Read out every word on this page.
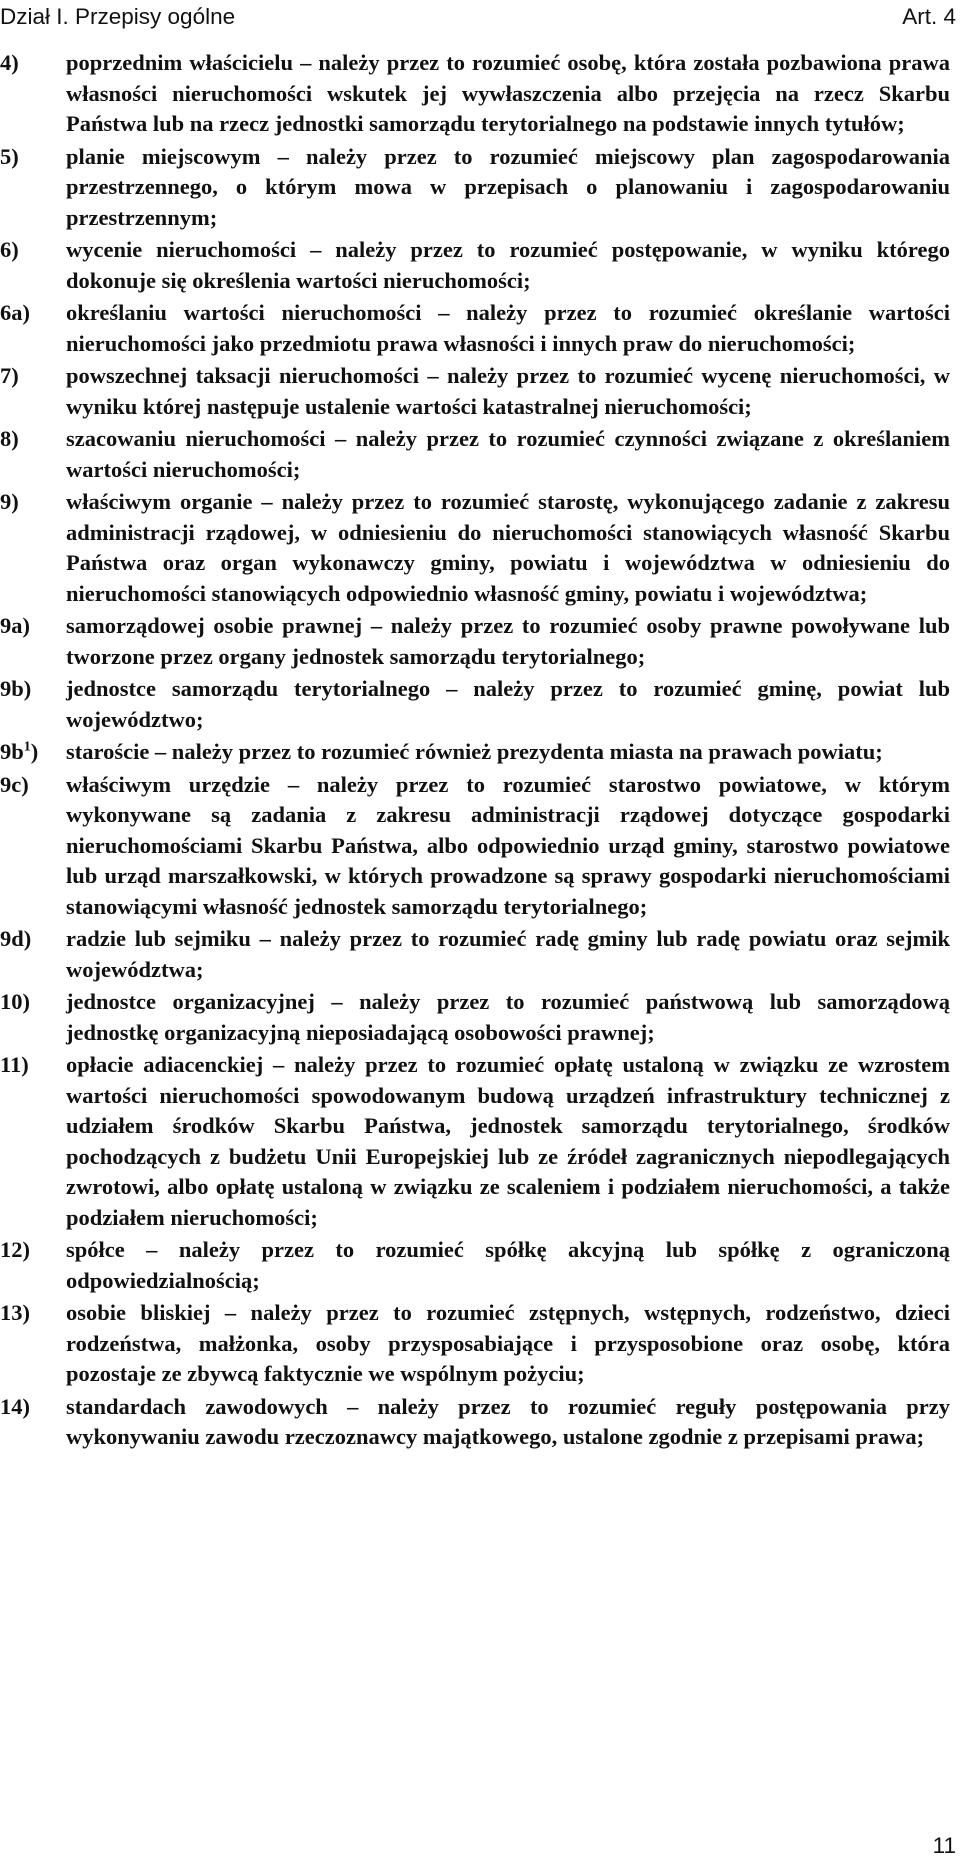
Dział I. Przepisy ogólne	Art. 4
4) poprzednim właścicielu – należy przez to rozumieć osobę, która została pozbawiona prawa własności nieruchomości wskutek jej wywłaszczenia albo przejęcia na rzecz Skarbu Państwa lub na rzecz jednostki samorządu terytorialnego na podstawie innych tytułów;
5) planie miejscowym – należy przez to rozumieć miejscowy plan zagospodarowania przestrzennego, o którym mowa w przepisach o planowaniu i zagospodarowaniu przestrzennym;
6) wycenie nieruchomości – należy przez to rozumieć postępowanie, w wyniku którego dokonuje się określenia wartości nieruchomości;
6a) określaniu wartości nieruchomości – należy przez to rozumieć określanie wartości nieruchomości jako przedmiotu prawa własności i innych praw do nieruchomości;
7) powszechnej taksacji nieruchomości – należy przez to rozumieć wycenę nieruchomości, w wyniku której następuje ustalenie wartości katastralnej nieruchomości;
8) szacowaniu nieruchomości – należy przez to rozumieć czynności związane z określaniem wartości nieruchomości;
9) właściwym organie – należy przez to rozumieć starostę, wykonującego zadanie z zakresu administracji rządowej, w odniesieniu do nieruchomości stanowiących własność Skarbu Państwa oraz organ wykonawczy gminy, powiatu i województwa w odniesieniu do nieruchomości stanowiących odpowiednio własność gminy, powiatu i województwa;
9a) samorządowej osobie prawnej – należy przez to rozumieć osoby prawne powoływane lub tworzone przez organy jednostek samorządu terytorialnego;
9b) jednostce samorządu terytorialnego – należy przez to rozumieć gminę, powiat lub województwo;
$9b^1$) staroście – należy przez to rozumieć również prezydenta miasta na prawach powiatu;
9c) właściwym urzędzie – należy przez to rozumieć starostwo powiatowe, w którym wykonywane są zadania z zakresu administracji rządowej dotyczące gospodarki nieruchomościami Skarbu Państwa, albo odpowiednio urząd gminy, starostwo powiatowe lub urząd marszałkowski, w których prowadzone są sprawy gospodarki nieruchomościami stanowiącymi własność jednostek samorządu terytorialnego;
9d) radzie lub sejmiku – należy przez to rozumieć radę gminy lub radę powiatu oraz sejmik województwa;
10) jednostce organizacyjnej – należy przez to rozumieć państwową lub samorządową jednostkę organizacyjną nieposiadającą osobowości prawnej;
11) opłacie adiacenckiej – należy przez to rozumieć opłatę ustaloną w związku ze wzrostem wartości nieruchomości spowodowanym budową urządzeń infrastruktury technicznej z udziałem środków Skarbu Państwa, jednostek samorządu terytorialnego, środków pochodzących z budżetu Unii Europejskiej lub ze źródeł zagranicznych niepodlegających zwrotowi, albo opłatę ustaloną w związku ze scaleniem i podziałem nieruchomości, a także podziałem nieruchomości;
12) spółce – należy przez to rozumieć spółkę akcyjną lub spółkę z ograniczoną odpowiedzialnością;
13) osobie bliskiej – należy przez to rozumieć zstępnych, wstępnych, rodzeństwo, dzieci rodzeństwa, małżonka, osoby przysposabiające i przysposobione oraz osobę, która pozostaje ze zbywcą faktycznie we wspólnym pożyciu;
14) standardach zawodowych – należy przez to rozumieć reguły postępowania przy wykonywaniu zawodu rzeczoznawcy majątkowego, ustalone zgodnie z przepisami prawa;
11
